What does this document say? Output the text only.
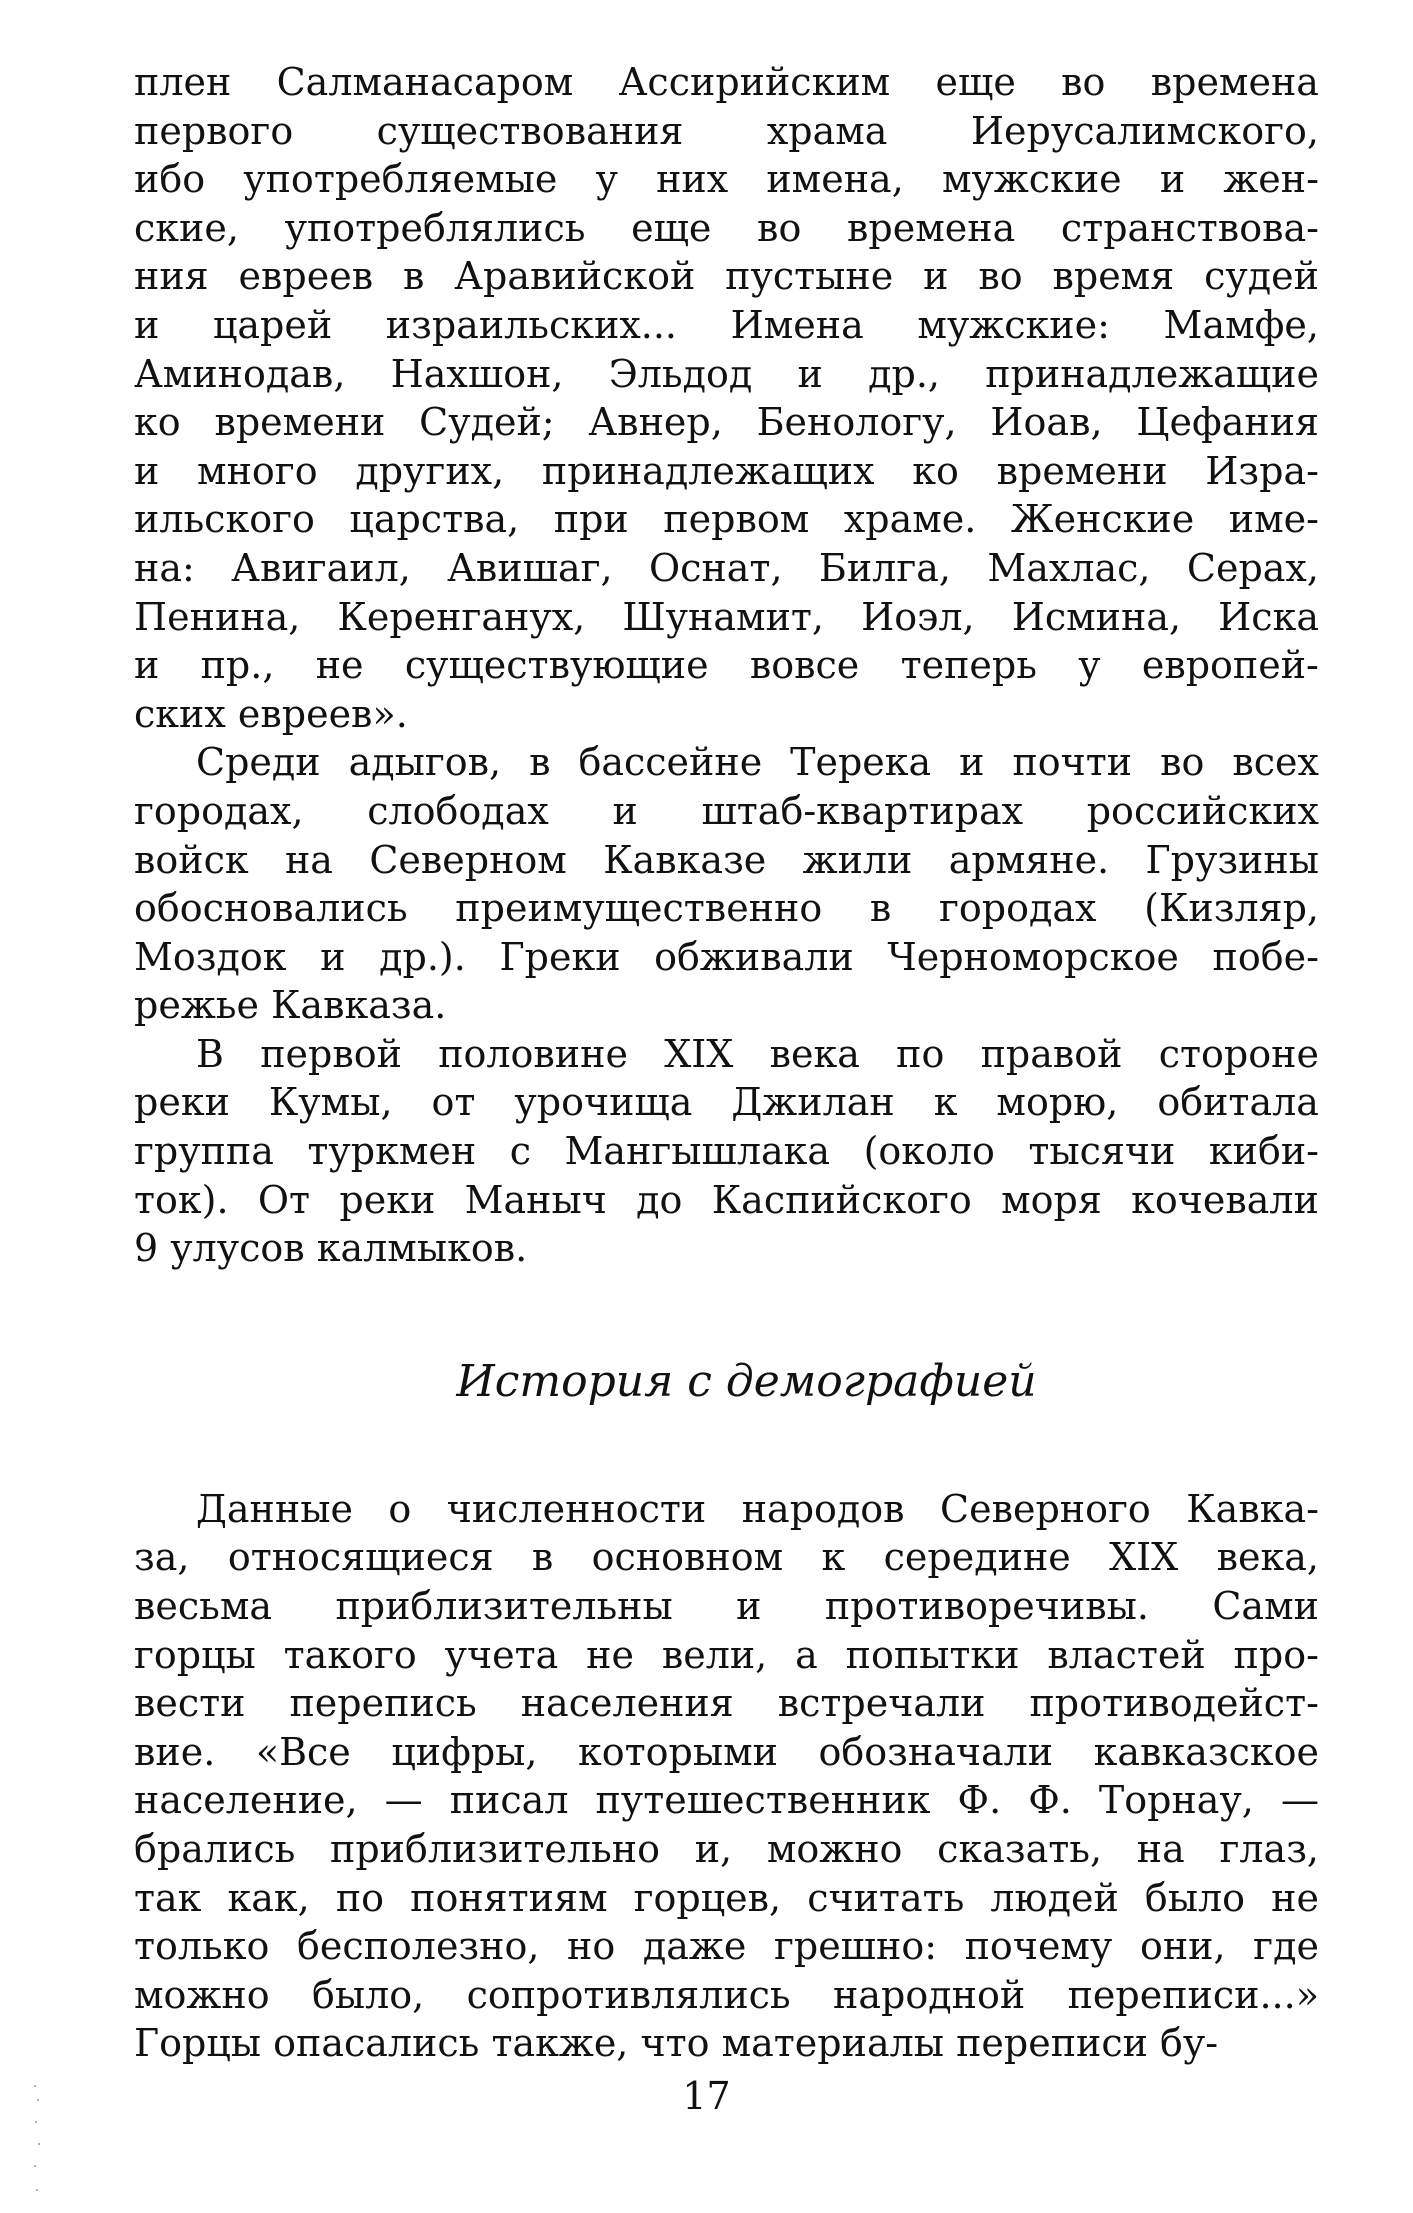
плен Салманасаром Ассирийским еще во времена
первого существования храма Иерусалимского,
ибо употребляемые у них имена, мужские и жен-
ские, употреблялись еще во времена странствова-
ния евреев в Аравийской пустыне и во время судей
и царей израильских... Имена мужские: Мамфе,
Аминодав, Нахшон, Эльдод и др., принадлежащие
ко времени Судей; Авнер, Бенологу, Иоав, Цефания
и много других, принадлежащих ко времени Изра-
ильского царства, при первом храме. Женские име-
на: Авигаил, Авишаг, Оснат, Билга, Махлас, Серах,
Пенина, Керенганух, Шунамит, Иоэл, Исмина, Иска
и пр., не существующие вовсе теперь у европей-
ских евреев».
Среди адыгов, в бассейне Терека и почти во всех
городах, слободах и штаб-квартирах российских
войск на Северном Кавказе жили армяне. Грузины
обосновались преимущественно в городах (Кизляр,
Моздок и др.). Греки обживали Черноморское побе-
режье Кавказа.
В первой половине XIX века по правой стороне
реки Кумы, от урочища Джилан к морю, обитала
группа туркмен с Мангышлака (около тысячи киби-
ток). От реки Маныч до Каспийского моря кочевали
9 улусов калмыков.
История с демографией
Данные о численности народов Северного Кавка-
за, относящиеся в основном к середине XIX века,
весьма приблизительны и противоречивы. Сами
горцы такого учета не вели, а попытки властей про-
вести перепись населения встречали противодейст-
вие. «Все цифры, которыми обозначали кавказское
население, — писал путешественник Ф. Ф. Торнау, —
брались приблизительно и, можно сказать, на глаз,
так как, по понятиям горцев, считать людей было не
только бесполезно, но даже грешно: почему они, где
можно было, сопротивлялись народной переписи...»
Горцы опасались также, что материалы переписи бу-
17
